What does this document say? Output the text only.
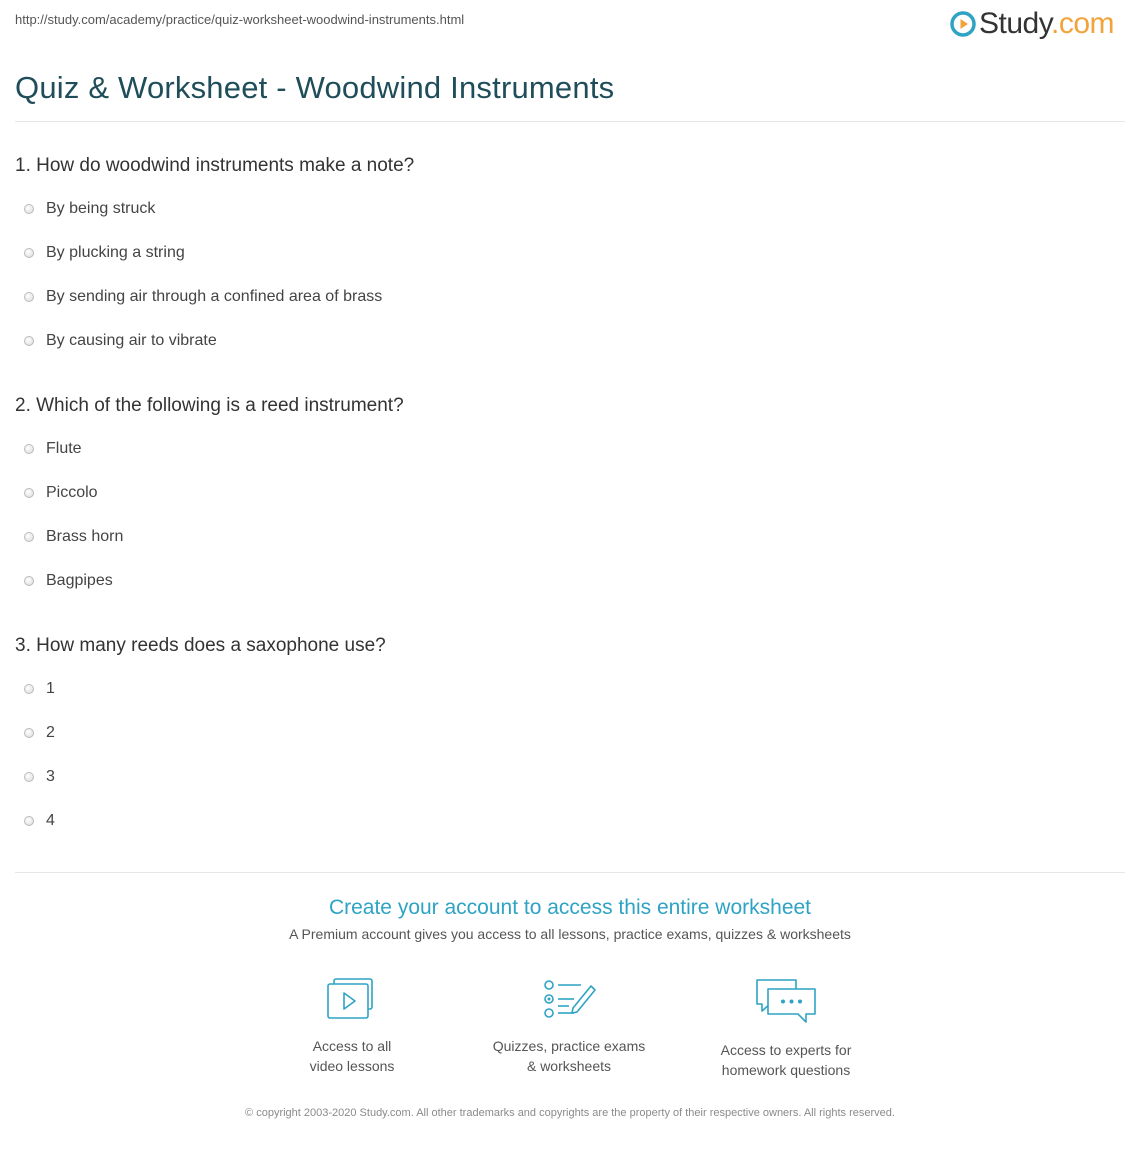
http://study.com/academy/practice/quiz-worksheet-woodwind-instruments.html	Study.com
Quiz & Worksheet - Woodwind Instruments
1. How do woodwind instruments make a note?
By being struck
By plucking a string
By sending air through a confined area of brass
By causing air to vibrate
2. Which of the following is a reed instrument?
Flute
Piccolo
Brass horn
Bagpipes
3. How many reeds does a saxophone use?
1
2
3
4
Create your account to access this entire worksheet
A Premium account gives you access to all lessons, practice exams, quizzes & worksheets
Access to all
video lessons
Quizzes, practice exams
& worksheets
Access to experts for
homework questions
© copyright 2003-2020 Study.com. All other trademarks and copyrights are the property of their respective owners. All rights reserved.
